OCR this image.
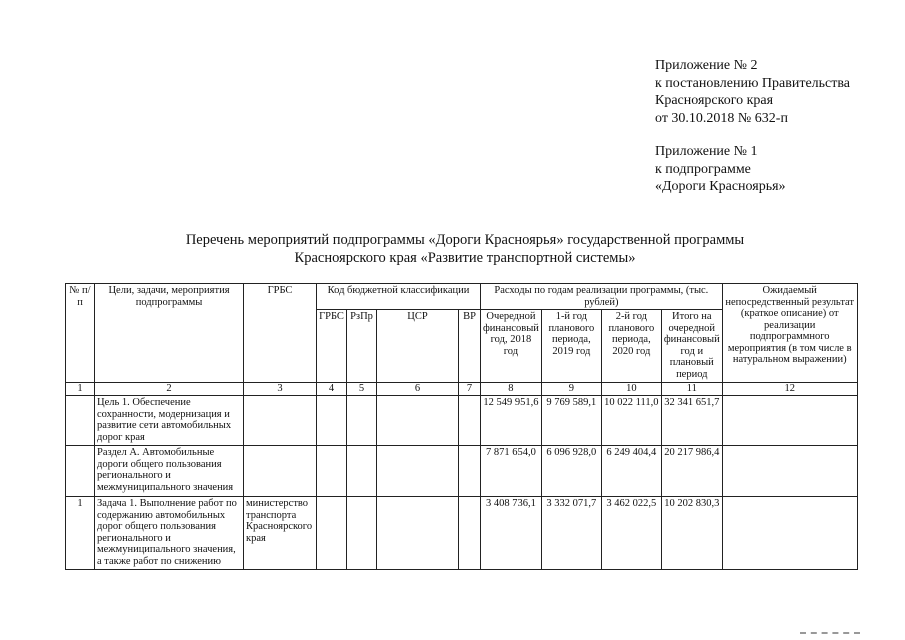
Приложение № 2
к постановлению Правительства
Красноярского края
от 30.10.2018 № 632-п
Приложение № 1
к подпрограмме
«Дороги Красноярья»
Перечень мероприятий подпрограммы «Дороги Красноярья» государственной программы
Красноярского края «Развитие транспортной системы»
№ п/п	Цели, задачи, мероприятия подпрограммы	ГРБС	Код бюджетной классификации				Расходы по годам реализации программы, (тыс. рублей)				Ожидаемый непосредственный результат (краткое описание) от реализации подпрограммного мероприятия (в том числе в натуральном выражении)
			ГРБС	РзПр	ЦСР	ВР	Очередной финансовый год, 2018 год	1-й год планового периода, 2019 год	2-й год планового периода, 2020 год	Итого на очередной финансовый год и плановый период	
1	2	3	4	5	6	7	8	9	10	11	12
	Цель 1. Обеспечение сохранности, модернизация и развитие сети автомобильных дорог края						12 549 951,6	9 769 589,1	10 022 111,0	32 341 651,7	
	Раздел А. Автомобильные дороги общего пользования регионального и межмуниципального значения						7 871 654,0	6 096 928,0	6 249 404,4	20 217 986,4	
1	Задача 1. Выполнение работ по содержанию автомобильных дорог общего пользования регионального и межмуниципального значения, а также работ по снижению	министерство транспорта Красноярского края					3 408 736,1	3 332 071,7	3 462 022,5	10 202 830,3	
